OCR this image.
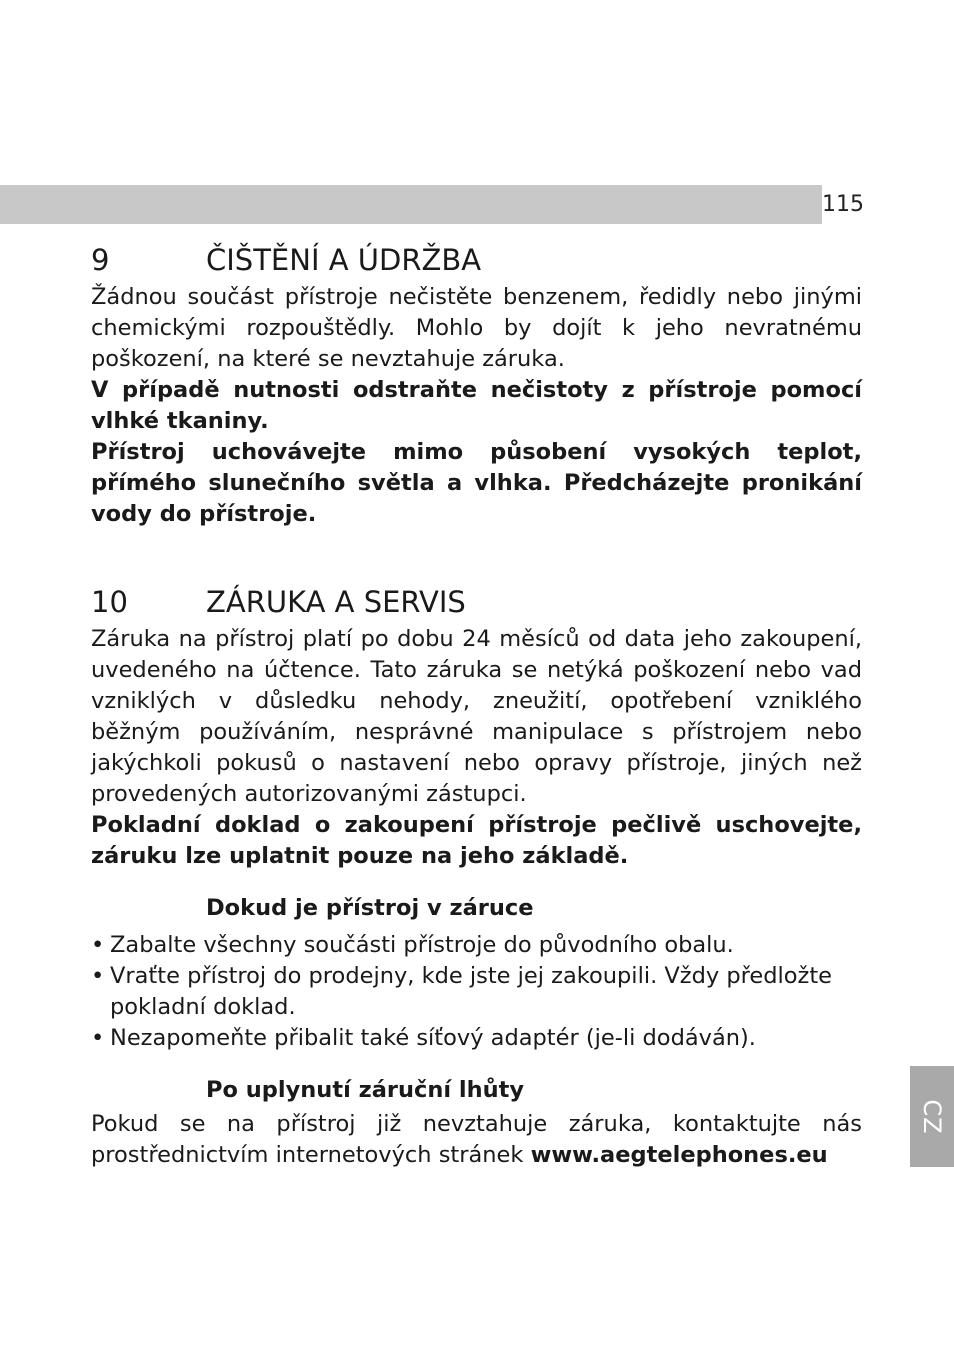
115
CZ
9	ČIŠTĚNÍ A ÚDRŽBA

Žádnou součást přístroje nečistěte benzenem, ředidly nebo jinými chemickými rozpouštědly. Mohlo by dojít k jeho nevratnému poškození, na které se nevztahuje záruka.

V případě nutnosti odstraňte nečistoty z přístroje pomocí vlhké tkaniny.

Přístroj uchovávejte mimo působení vysokých teplot, přímého slunečního světla a vlhka. Předcházejte pronikání vody do přístroje.

10	ZÁRUKA A SERVIS

Záruka na přístroj platí po dobu 24 měsíců od data jeho zakoupení, uvedeného na účtence. Tato záruka se netýká poškození nebo vad vzniklých v důsledku nehody, zneužití, opotřebení vzniklého běžným používáním, nesprávné manipulace s přístrojem nebo jakýchkoli pokusů o nastavení nebo opravy přístroje, jiných než provedených autorizovanými zástupci.

Pokladní doklad o zakoupení přístroje pečlivě uschovejte, záruku lze uplatnit pouze na jeho základě.

Dokud je přístroj v záruce

• Zabalte všechny součásti přístroje do původního obalu.
• Vraťte přístroj do prodejny, kde jste jej zakoupili. Vždy předložte pokladní doklad.
• Nezapomeňte přibalit také síťový adaptér (je-li dodáván).

Po uplynutí záruční lhůty

Pokud se na přístroj již nevztahuje záruka, kontaktujte nás prostřednictvím internetových stránek www.aegtelephones.eu
